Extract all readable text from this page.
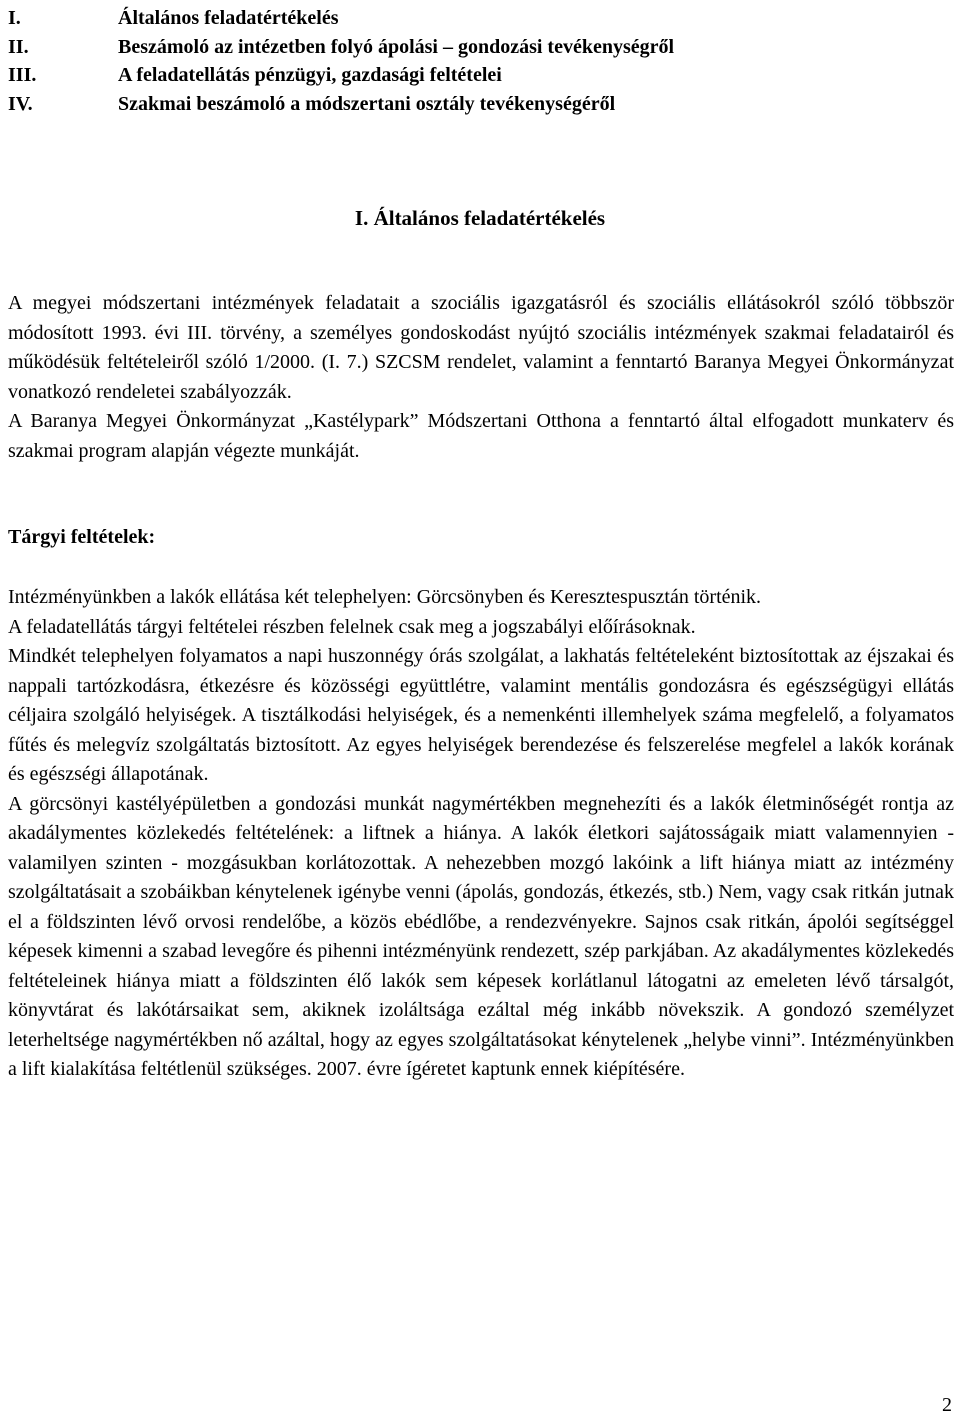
I.	Általános feladatértékelés
II.	Beszámoló az intézetben folyó ápolási – gondozási tevékenységről
III.	A feladatellátás pénzügyi, gazdasági feltételei
IV.	Szakmai beszámoló a módszertani osztály tevékenységéről
I. Általános feladatértékelés

A megyei módszertani intézmények feladatait a szociális igazgatásról és szociális ellátásokról szóló többször módosított 1993. évi III. törvény, a személyes gondoskodást nyújtó szociális intézmények szakmai feladatairól és működésük feltételeiről szóló 1/2000. (I. 7.) SZCSM rendelet, valamint a fenntartó Baranya Megyei Önkormányzat vonatkozó rendeletei szabályozzák.

A Baranya Megyei Önkormányzat „Kastélypark” Módszertani Otthona a fenntartó által elfogadott munkaterv és szakmai program alapján végezte munkáját.

Tárgyi feltételek:

Intézményünkben a lakók ellátása két telephelyen: Görcsönyben és Keresztespusztán történik.

A feladatellátás tárgyi feltételei részben felelnek csak meg a jogszabályi előírásoknak.

Mindkét telephelyen folyamatos a napi huszonnégy órás szolgálat, a lakhatás feltételeként biztosítottak az éjszakai és nappali tartózkodásra, étkezésre és közösségi együttlétre, valamint mentális gondozásra és egészségügyi ellátás céljaira szolgáló helyiségek. A tisztálkodási helyiségek, és a nemenkénti illemhelyek száma megfelelő, a folyamatos fűtés és melegvíz szolgáltatás biztosított. Az egyes helyiségek berendezése és felszerelése megfelel a lakók korának és egészségi állapotának.

A görcsönyi kastélyépületben a gondozási munkát nagymértékben megnehezíti és a lakók életminőségét rontja az akadálymentes közlekedés feltételének: a liftnek a hiánya. A lakók életkori sajátosságaik miatt valamennyien - valamilyen szinten - mozgásukban korlátozottak. A nehezebben mozgó lakóink a lift hiánya miatt az intézmény szolgáltatásait a szobáikban kénytelenek igénybe venni (ápolás, gondozás, étkezés, stb.) Nem, vagy csak ritkán jutnak el a földszinten lévő orvosi rendelőbe, a közös ebédlőbe, a rendezvényekre. Sajnos csak ritkán, ápolói segítséggel képesek kimenni a szabad levegőre és pihenni intézményünk rendezett, szép parkjában. Az akadálymentes közlekedés feltételeinek hiánya miatt a földszinten élő lakók sem képesek korlátlanul látogatni az emeleten lévő társalgót, könyvtárat és lakótársaikat sem, akiknek izoláltsága ezáltal még inkább növekszik. A gondozó személyzet leterheltsége nagymértékben nő azáltal, hogy az egyes szolgáltatásokat kénytelenek „helybe vinni”. Intézményünkben a lift kialakítása feltétlenül szükséges. 2007. évre ígéretet kaptunk ennek kiépítésére.

2
